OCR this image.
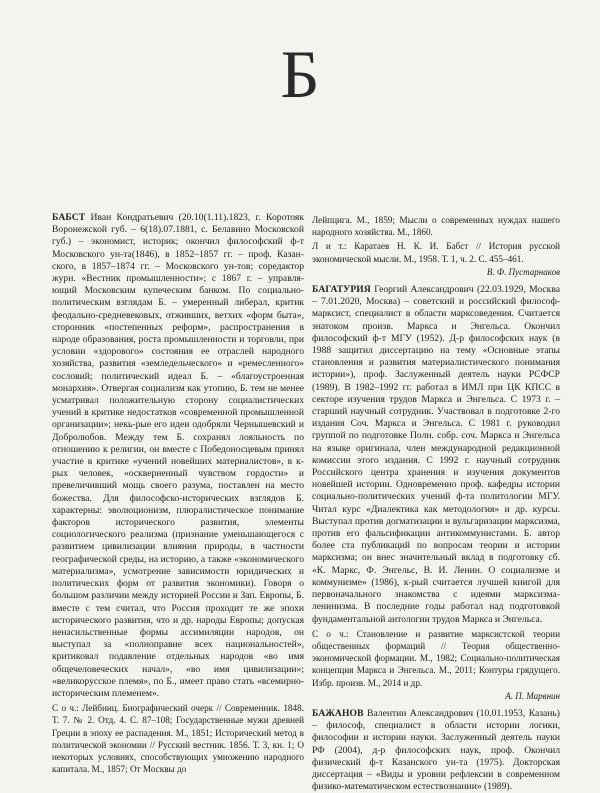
Б

БАБСТ Иван Кондратьевич (20.10(1.11).1823, г. Коротояк Воронежской губ. – 6(18).07.1881, с. Белавино Московской губ.) – экономист, историк; окончил философский ф-т Московского ун-та(1846), в 1852–1857 гг. – проф. Казан-ского, в 1857–1874 гг. – Московского ун-тов; соредактор журн. «Вестник промышленности»; с 1867 г. – управля-ющий Московским купеческим банком. По социально-политическим взглядам Б. – умеренный либерал, критик феодально-средневековых, отживших, ветхих «форм быта», сторонник «постепенных реформ», распространения в народе образования, роста промышленности и торговли, при условии «здорового» состояния ее отраслей народного хозяйства, развития «земледельческого» и «ремесленного» сословий; политический идеал Б. – «благоустроенная монархия». Отвергая социализм как утопию, Б. тем не менее усматривал положительную сторону социалистических учений в критике недостатков «современной промышленной организации»; некь-рые его идеи одобряли Чернышевский и Добролюбов. Между тем Б. сохранял лояльность по отношению к религии, он вместе с Победоносцевым принял участие в критике «учений новейших материалистов», в к-рых человек, «оскверненный чувством гордости» и превеличивший мощь своего разума, поставлен на место божества. Для философско-исторических взглядов Б. характерны: эволюционизм, плюралистическое понимание факторов исторического развития, элементы социологического реализма (признание уменьшающегося с развитием цивилизации влияния природы, в частности географической среды, на историю, а также «экономического материализма», усмотрение зависимости юридических и политических форм от развития экономики). Говоря о большом различии между историей России и Зап. Европы, Б. вместе с тем считал, что Россия проходит те же эпохи исторического развития, что и др. народы Европы; допуская ненасильственные формы ассимиляции народов, он выступал за «полноправие всех национальностей», критиковал подавление отдельных народов «во имя общечеловеческих начал», «во имя цивилизации»; «великорусское племя», по Б., имеет право стать «всемирно-историческим племенем».

С о ч.: Лейбниц. Биографический очерк // Современник. 1848. Т. 7. № 2. Отд. 4. С. 87–108; Государственные мужи древней Греции в эпоху ее распадения. М., 1851; Исторический метод в политической экономии // Русский вестник. 1856. Т. 3, кн. 1; О некоторых условиях, способствующих умножению народного капитала. М., 1857; От Москвы до

Лейпцига. М., 1859; Мысли о современных нуждах нашего народного хозяйства. М., 1860.

Л и т.: Каратаев Н. К. И. Бабст // История русской экономической мысли. М., 1958. Т. 1, ч. 2. С. 455–461.

В. Ф. Пустарнаков

БАГАТУРИЯ Георгий Александрович (22.03.1929, Москва – 7.01.2020, Москва) – советский и российский философ-марксист, специалист в области марксоведения. Считается знатоком произв. Маркса и Энгельса. Окончил философский ф-т МГУ (1952). Д-р философских наук (в 1988 защитил диссертацию на тему «Основные этапы становления и развития материалистического понимания истории»), проф. Заслуженный деятель науки РСФСР (1989). В 1982–1992 гг. работал в ИМЛ при ЦК КПСС в секторе изучения трудов Маркса и Энгельса. С 1973 г. – старший научный сотрудник. Участвовал в подготовке 2-го издания Соч. Маркса и Энгельса. С 1981 г. руководил группой по подготовке Полн. собр. соч. Маркса и Энгельса на языке оригинала, член международной редакционной комиссии этого издания. С 1992 г. научный сотрудник Российского центра хранения и изучения документов новейшей истории. Одновременно проф. кафедры истории социально-политических учений ф-та политологии МГУ. Читал курс «Диалектика как методология» и др. курсы. Выступал против догматизации и вульгаризации марксизма, против его фальсификации антикоммунистами. Б. автор более ста публикаций по вопросам теории и истории марксизма; он внес значительный вклад в подготовку сб. «К. Маркс, Ф. Энгельс, В. И. Ленин. О социализме и коммунизме» (1986), к-рый считается лучшей книгой для первоначального знакомства с идеями марксизма-ленинизма. В последние годы работал над подготовкой фундаментальной антологии трудов Маркса и Энгельса.

С о ч.: Становление и развитие марксистской теории общественных формаций // Теория общественно-экономической формации. М., 1982; Социально-политическая концепция Маркса и Энгельса. М., 2011; Контуры грядущего. Избр. произв. М., 2014 и др.

А. П. Марвнин

БАЖАНОВ Валентин Александрович (10.01.1953, Казань) – философ, специалист в области истории логики, философии и истории науки. Заслуженный деятель науки РФ (2004), д-р философских наук, проф. Окончил физический ф-т Казанского ун-та (1975). Докторская диссертация – «Виды и уровни рефлексии в современном физико-математическом естествознании» (1989).
